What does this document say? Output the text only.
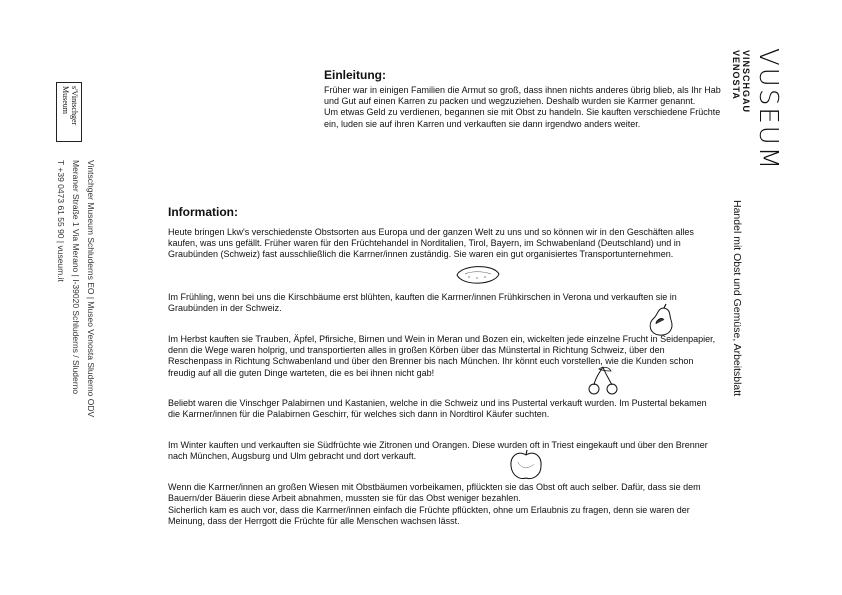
s'Vintschger
Museum
Vintschger Museum Schluderns EO | Museo Venosta Sluderno ODV
Meraner Straße 1 Via Merano | I-39020 Schluderns / Sluderno
T +39 0473 61 55 90 | vuseum.it
VUSEUM
VINSCHGAU
VENOSTA
Handel mit Obst und Gemüse, Arbeitsblatt
Einleitung:
Früher war in einigen Familien die Armut so groß, dass ihnen nichts anderes übrig blieb, als Ihr Hab und Gut auf einen Karren zu packen und wegzuziehen. Deshalb wurden sie Karrner genannt.
Um etwas Geld zu verdienen, begannen sie mit Obst zu handeln. Sie kauften verschiedene Früchte ein, luden sie auf ihren Karren und verkauften sie dann irgendwo anders weiter.
Information:

Heute bringen Lkw's verschiedenste Obstsorten aus Europa und der ganzen Welt zu uns und so können wir in den Geschäften alles kaufen, was uns gefällt. Früher waren für den Früchtehandel in Norditalien, Tirol, Bayern, im Schwabenland (Deutschland) und in Graubünden (Schweiz) fast ausschließlich die Karrner/innen zuständig. Sie waren ein gut organisiertes Transportunternehmen.

Im Frühling, wenn bei uns die Kirschbäume erst blühten, kauften die Karrner/innen Frühkirschen in Verona und verkauften sie in Graubünden in der Schweiz.

Im Herbst kauften sie Trauben, Äpfel, Pfirsiche, Birnen und Wein in Meran und Bozen ein, wickelten jede einzelne Frucht in Seidenpapier, denn die Wege waren holprig, und transportierten alles in großen Körben über das Münstertal in Richtung Schweiz, über den Reschenpass in Richtung Schwabenland und über den Brenner bis nach München. Ihr könnt euch vorstellen, wie die Kunden schon freudig auf all die guten Dinge warteten, die es bei ihnen nicht gab!

Beliebt waren die Vinschger Palabirnen und Kastanien, welche in die Schweiz und ins Pustertal verkauft wurden. Im Pustertal bekamen die Karrner/innen für die Palabirnen Geschirr, für welches sich dann in Nordtirol Käufer suchten.

Im Winter kauften und verkauften sie Südfrüchte wie Zitronen und Orangen. Diese wurden oft in Triest eingekauft und über den Brenner nach München, Augsburg und Ulm gebracht und dort verkauft.

Wenn die Karrner/innen an großen Wiesen mit Obstbäumen vorbeikamen, pflückten sie das Obst oft auch selber. Dafür, dass sie dem Bauern/der Bäuerin diese Arbeit abnahmen, mussten sie für das Obst weniger bezahlen.

Sicherlich kam es auch vor, dass die Karrner/innen einfach die Früchte pflückten, ohne um Erlaubnis zu fragen, denn sie waren der Meinung, dass der Herrgott die Früchte für alle Menschen wachsen lässt.
